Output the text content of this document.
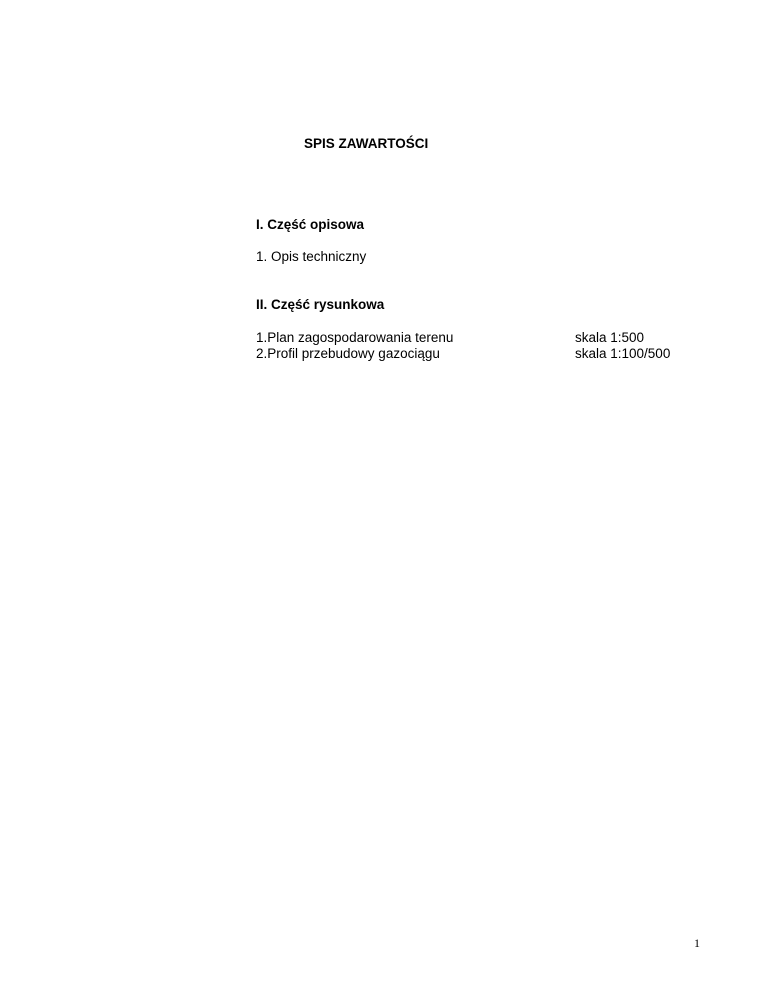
SPIS ZAWARTOŚCI
I. Część opisowa
1. Opis techniczny
II. Część rysunkowa
1.Plan zagospodarowania terenu	skala 1:500
2.Profil przebudowy gazociągu	skala 1:100/500
1
